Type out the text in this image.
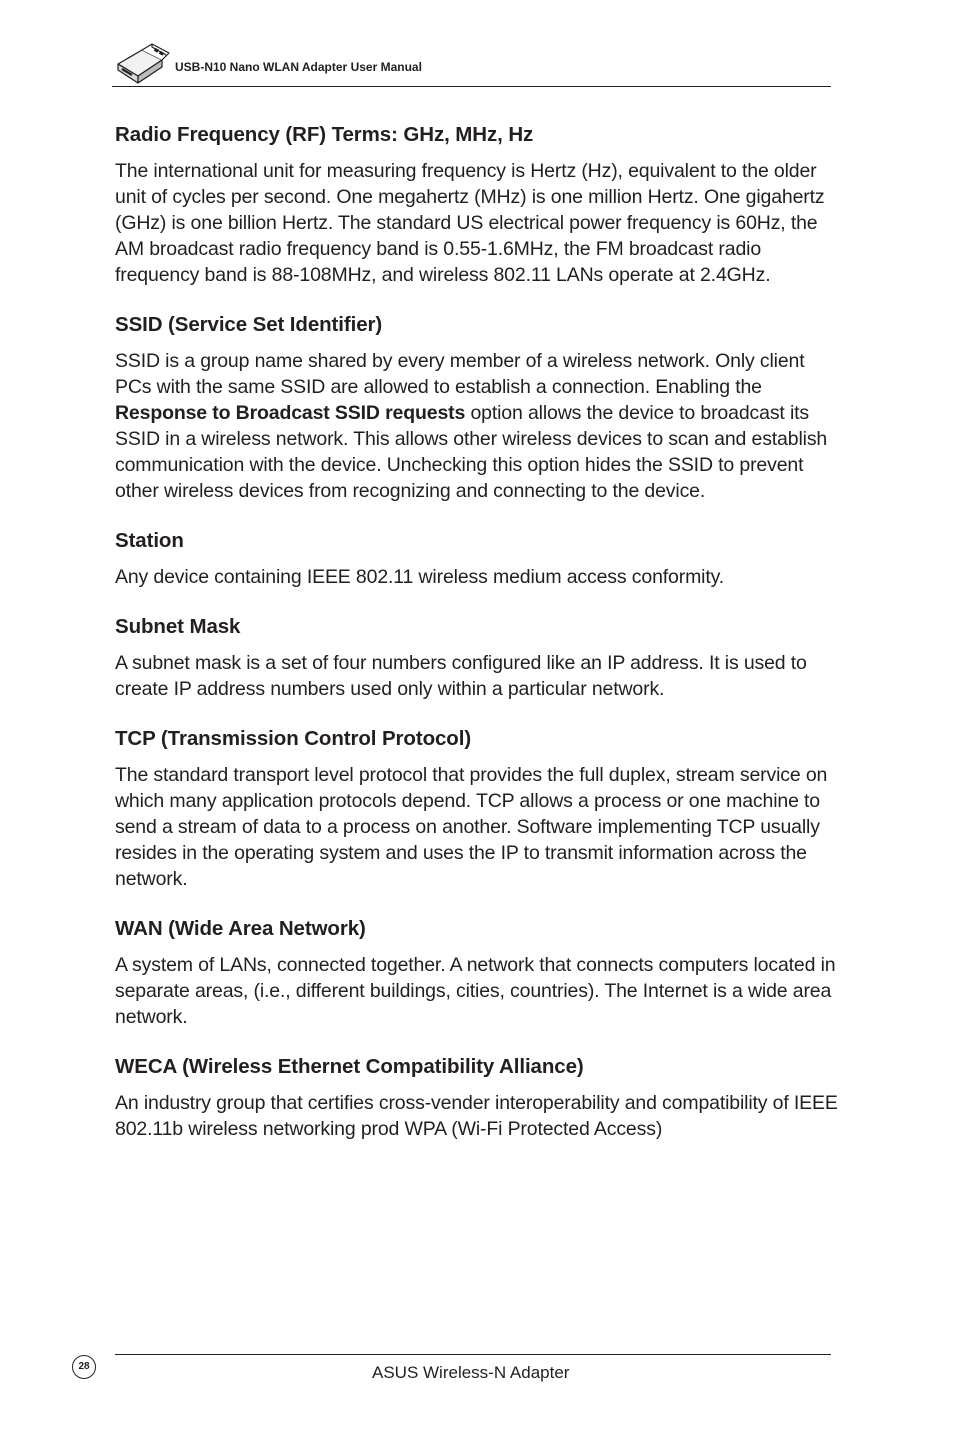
USB-N10 Nano WLAN Adapter User Manual
Radio Frequency (RF) Terms: GHz, MHz, Hz

The international unit for measuring frequency is Hertz (Hz), equivalent to the older unit of cycles per second. One megahertz (MHz) is one million Hertz. One gigahertz (GHz) is one billion Hertz. The standard US electrical power frequency is 60Hz, the AM broadcast radio frequency band is 0.55-1.6MHz, the FM broadcast radio frequency band is 88-108MHz, and wireless 802.11 LANs operate at 2.4GHz.

SSID (Service Set Identifier)

SSID is a group name shared by every member of a wireless network. Only client PCs with the same SSID are allowed to establish a connection. Enabling the Response to Broadcast SSID requests option allows the device to broadcast its SSID in a wireless network. This allows other wireless devices to scan and establish communication with the device. Unchecking this option hides the SSID to prevent other wireless devices from recognizing and connecting to the device.

Station

Any device containing IEEE 802.11 wireless medium access conformity.

Subnet Mask

A subnet mask is a set of four numbers configured like an IP address. It is used to create IP address numbers used only within a particular network.

TCP (Transmission Control Protocol)

The standard transport level protocol that provides the full duplex, stream service on which many application protocols depend. TCP allows a process or one machine to send a stream of data to a process on another. Software implementing TCP usually resides in the operating system and uses the IP to transmit information across the network.

WAN (Wide Area Network)

A system of LANs, connected together. A network that connects computers located in separate areas, (i.e., different buildings, cities, countries). The Internet is a wide area network.

WECA (Wireless Ethernet Compatibility Alliance)

An industry group that certifies cross-vender interoperability and compatibility of IEEE 802.11b wireless networking prod WPA (Wi-Fi Protected Access)

28	ASUS Wireless-N Adapter
